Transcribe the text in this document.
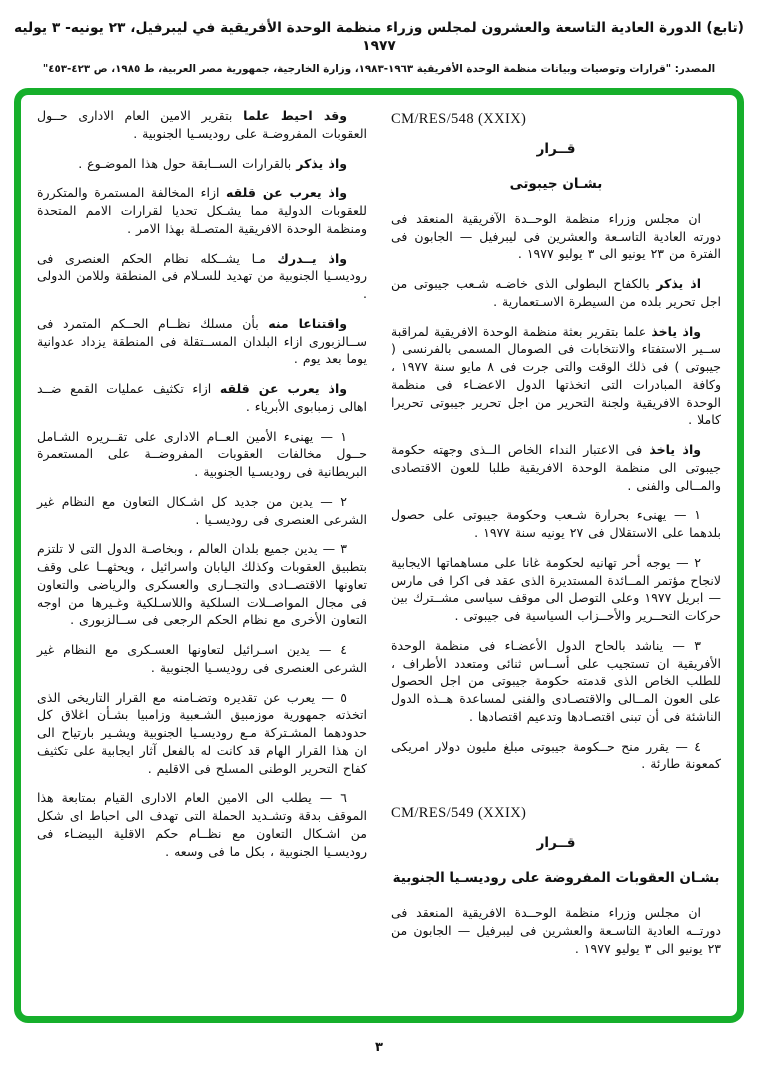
(تابع) الدورة العادية التاسعة والعشرون لمجلس وزراء منظمة الوحدة الأفريقية في ليبرفيل، ٢٣ يونيه- ٣ يوليه ١٩٧٧
المصدر: "قرارات وتوصيات وبيانات منظمة الوحدة الأفريقية ١٩٦٣-١٩٨٣، وزارة الخارجية، جمهورية مصر العربية، ط ١٩٨٥، ص ٤٢٣-٤٥٣"
CM/RES/548 (XXIX)
قــرار
بشـان جيبوتى
ان مجلس وزراء منظمة الوحــدة الآفريقية المنعقد فى دورته العادية التاسـعة والعشرين فى ليبرفيل — الجابون فى الفترة من ٢٣ يونيو الى ٣ يوليو ١٩٧٧ .
اذ يذكر بالكفاح البطولى الذى خاضـه شـعب جيبوتى من اجل تحرير بلده من السيطرة الاسـتعمارية .
واذ ياخذ علما بتقرير بعثة منظمة الوحدة الافريقية لمراقبة ســير الاستفتاء والانتخابات فى الصومال المسمى بالفرنسى ( جيبوتى ) فى ذلك الوقت والتى جرت فى ٨ مايو سنة ١٩٧٧ ، وكافة المبادرات التى اتخذتها الدول الاعضـاء فى منظمة الوحدة الافريقية ولجنة التحرير من اجل تحرير جيبوتى تحريرا كاملا .
واذ ياخذ فى الاعتبار النداء الخاص الــذى وجهته حكومة جيبوتى الى منظمة الوحدة الافريقية طلبا للعون الاقتصادى والمــالى والفنى .
١ — يهنىء بحرارة شـعب وحكومة جيبوتى على حصول بلدهما على الاستقلال فى ٢٧ يونيه سنة ١٩٧٧ .
٢ — يوجه أحر تهانيه لحكومة غانا على مساهماتها الايجابية لانجاح مؤتمر المــائدة المستديرة الذى عقد فى اكرا فى مارس— ابريل ١٩٧٧ وعلى التوصل الى موقف سياسى مشــترك بين حركات التحــرير والأحــزاب السياسية فى جيبوتى .
٣ — يناشد بالحاح الدول الأعضـاء فى منظمة الوحدة الأفريقية ان تستجيب على أســاس ثنائى ومتعدد الأطراف ، للطلب الخاص الذى قدمته حكومة جيبوتى من اجل الحصول على العون المــالى والاقتصـادى والفنى لمساعدة هــذه الدول الناشئة فى أن تبنى اقتصـادها وتدعيم اقتصادها .
٤ — يقرر منح حــكومة جيبوتى مبلغ مليون دولار امريكى كمعونة طارئة .
CM/RES/549 (XXIX)
قــرار
بشـان العقوبات المفروضة على روديسـيا الجنوبية
ان مجلس وزراء منظمة الوحــدة الافريقية المنعقد فى دورتــه العادية التاسـعة والعشرين فى ليبرفيل — الجابون من ٢٣ يونيو الى ٣ يوليو ١٩٧٧ .
وقد احيط علما بتقرير الامين العام الادارى حــول العقوبات المفروضـة على روديسـيا الجنوبية .
واذ يذكر بالقرارات الســابقة حول هذا الموضـوع .
واذ يعرب عن قلقه ازاء المخالفة المستمرة والمتكررة للعقوبات الدولية مما يشـكل تحديا لقرارات الامم المتحدة ومنظمة الوحدة الافريقية المتصـلة بهذا الامر .
واذ يــدرك مـا يشــكله نظام الحكم العنصرى فى روديسـيا الجنوبية من تهديد للسـلام فى المنطقة وللامن الدولى .
واقتناعا منه بأن مسلك نظــام الحــكم المتمرد فى ســالزبورى ازاء البلدان المســتقلة فى المنطقة يزداد عدوانية يوما بعد يوم .
واذ يعرب عن قلقه ازاء تكثيف عمليات القمع ضــد اهالى زمبابوى الأبرياء .
١ — يهنىء الأمين العــام الادارى على تقــريره الشـامل حــول مخالفات العقوبات المفروضــة على المستعمرة البريطانية فى روديسـيا الجنوبية .
٢ — يدين من جديد كل اشـكال التعاون مع النظام غير الشرعى العنصرى فى روديسـيا .
٣ — يدين جميع بلدان العالم ، وبخاصـة الدول التى لا تلتزم بتطبيق العقوبات وكذلك اليابان واسرائيل ، ويحثهــا على وقف تعاونها الاقتصــادى والتجــارى والعسكرى والرياضى والتعاون فى مجال المواصــلات السلكية واللاسـلكية وغـيرها من اوجه التعاون الأخرى مع نظام الحكم الرجعى فى ســالزبورى .
٤ — يدين اسـرائيل لتعاونها العسـكرى مع النظام غير الشرعى العنصرى فى روديسـيا الجنوبية .
٥ — يعرب عن تقديره وتضـامنه مع القرار التاريخى الذى اتخذته جمهورية موزمبيق الشـعبية وزامبيا بشـأن اغلاق كل حدودهما المشـتركة مـع روديسـيا الجنوبية ويشـير بارتياح الى ان هذا القرار الهام قد كانت له بالفعل آثار ايجابية على تكثيف كفاح التحرير الوطنى المسلح فى الاقليم .
٦ — يطلب الى الامين العام الادارى القيام بمتابعة هذا الموقف بدقة وتشـديد الحملة التى تهدف الى احباط اى شكل من اشـكال التعاون مع نظــام حكم الاقلية البيضـاء فى روديسـيا الجنوبية ، بكل ما فى وسعه .
٣
